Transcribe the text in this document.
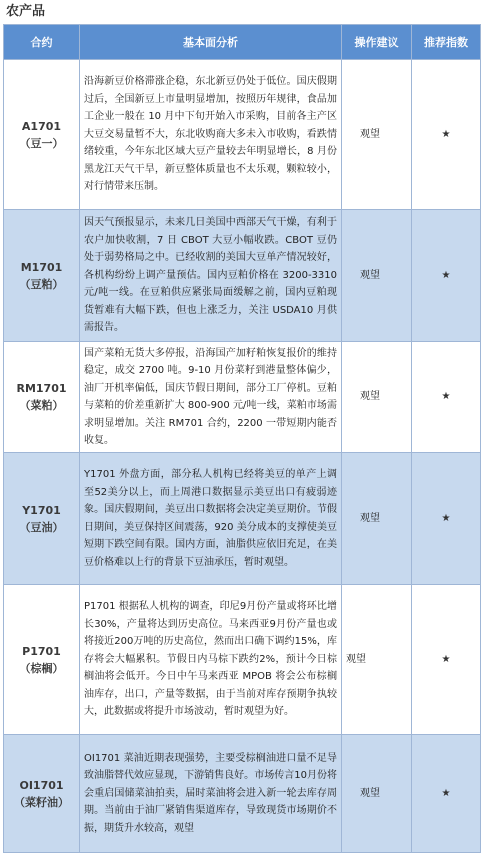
农产品
合约	基本面分析	操作建议	推荐指数

A1701
（豆一）	沿海新豆价格滞涨企稳，东北新豆仍处于低位。国庆假期过后，全国新豆上市量明显增加，按照历年规律，食品加工企业一般在 10 月中下旬开始入市采购，目前各主产区大豆交易量暂不大，东北收购商大多未入市收购，看跌情绪较重，今年东北区域大豆产量较去年明显增长，8 月份黑龙江天气干旱，新豆整体质量也不太乐观，颗粒较小，对行情带来压制。	观望	★

M1701
（豆粕）	因天气预报显示，未来几日美国中西部天气干燥，有利于农户加快收割，7 日 CBOT 大豆小幅收跌。CBOT 豆仍处于弱势格局之中。已经收割的美国大豆单产情况较好，各机构纷纷上调产量预估。国内豆粕价格在 3200-3310 元/吨一线。在豆粕供应紧张局面缓解之前，国内豆粕现货暂难有大幅下跌，但也上涨乏力，关注 USDA10 月供需报告。	观望	★

RM1701
（菜粕）	国产菜粕无货大多停报，沿海国产加籽粕恢复报价的维持稳定，成交 2700 吨。9-10 月份菜籽到港量整体偏少，油厂开机率偏低，国庆节假日期间，部分工厂停机。豆粕与菜粕的价差重新扩大 800-900 元/吨一线，菜粕市场需求明显增加。关注 RM701 合约，2200 一带短期内能否收复。	观望	★

Y1701
（豆油）	Y1701 外盘方面，部分私人机构已经将美豆的单产上调至52美分以上，而上周港口数据显示美豆出口有疲弱迹象。国庆假期间，美豆出口数据将会决定美豆期价。节假日期间，美豆保持区间震荡，920 美分成本的支撑使美豆短期下跌空间有限。国内方面，油脂供应依旧充足，在美豆价格难以上行的背景下豆油承压，暂时观望。	观望	★

P1701
（棕榈）	P1701 根据私人机构的调查，印尼9月份产量或将环比增长30%，产量将达到历史高位。马来西亚9月份产量也或将接近200万吨的历史高位，然而出口确下调约15%，库存将会大幅累积。节假日内马棕下跌约2%，预计今日棕榈油将会低开。今日中午马来西亚 MPOB 将会公布棕榈油库存，出口，产量等数据，由于当前对库存预期争执较大，此数据或将提升市场波动，暂时观望为好。	观望	★

OI1701
（菜籽油）	OI1701 菜油近期表现强势，主要受棕榈油进口量不足导致油脂替代效应显现，下游销售良好。市场传言10月份将会重启国储菜油拍卖，届时菜油将会进入新一轮去库存周期。当前由于油厂紧销售渠道库存，导致现货市场期价不振，期货升水较高，观望	观望	★
